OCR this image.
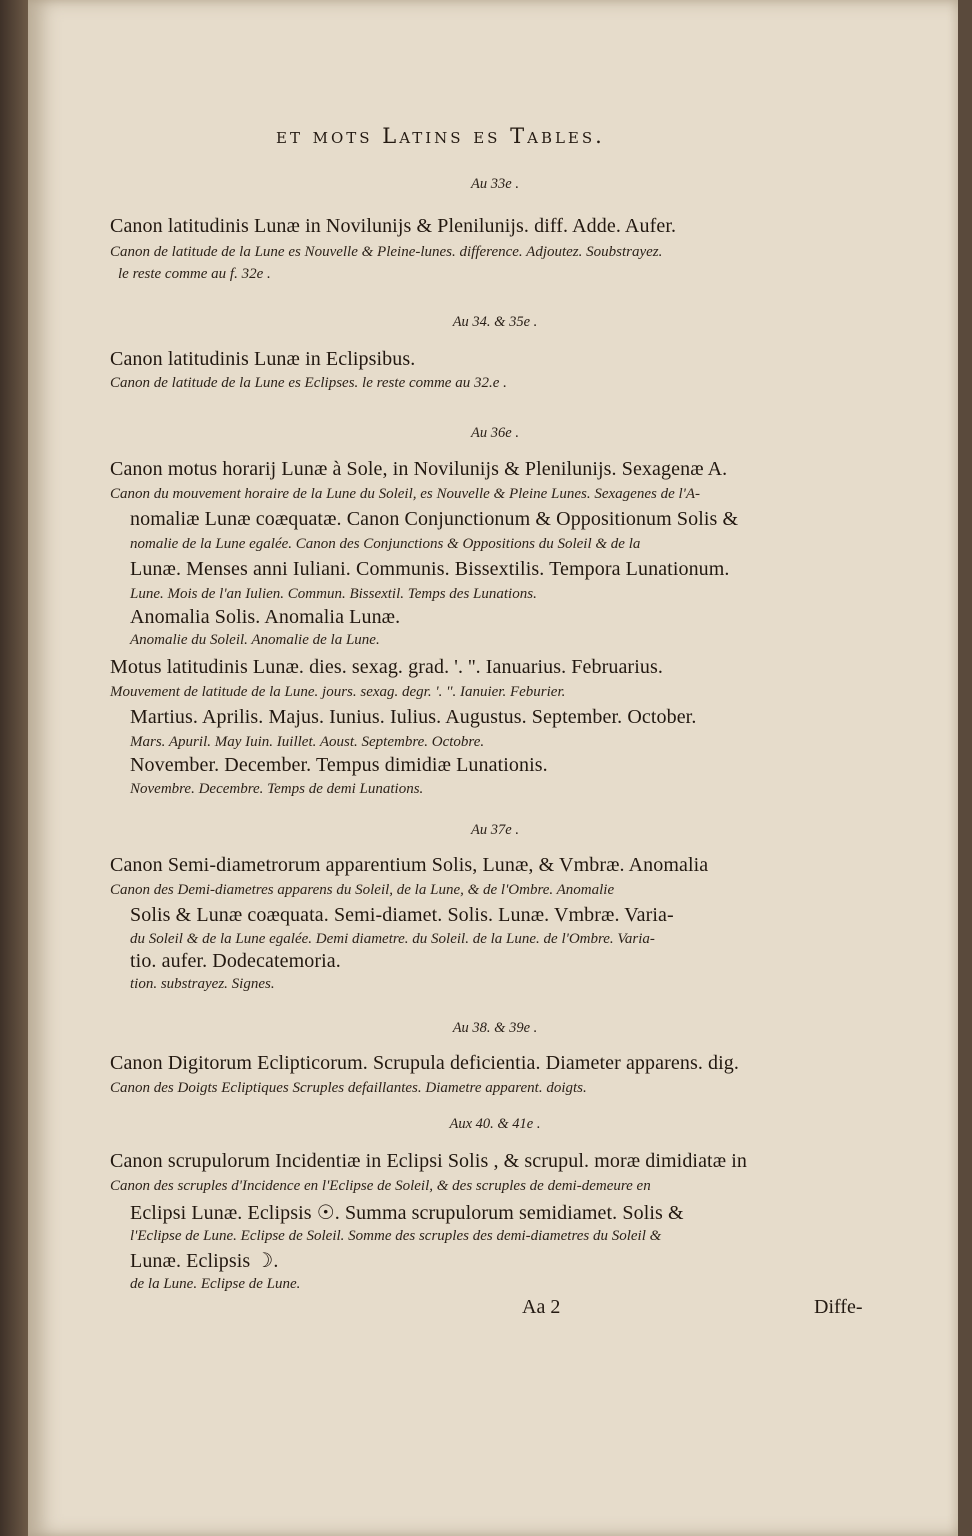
et mots Latins es Tables.
Au 33e .
Canon latitudinis Lunæ in Novilunijs & Plenilunijs. diff. Adde. Aufer.
Canon de latitude de la Lune es Nouvelle & Pleine-lunes. difference. Adjoutez. Soubstrayez.
le reste comme au f. 32e .
Au 34. & 35e .
Canon latitudinis Lunæ in Eclipsibus.
Canon de latitude de la Lune es Eclipses. le reste comme au 32.e .
Au 36e .
Canon motus horarij Lunæ à Sole, in Novilunijs & Plenilunijs. Sexagenæ A.
Canon du mouvement horaire de la Lune du Soleil, es Nouvelle & Pleine Lunes. Sexagenes de l'A-
nomaliæ Lunæ coæquatæ. Canon Conjunctionum & Oppositionum Solis &
nomalie de la Lune egalée. Canon des Conjunctions & Oppositions du Soleil & de la
Lunæ. Menses anni Iuliani. Communis. Bissextilis. Tempora Lunationum.
Lune. Mois de l'an Iulien. Commun. Bissextil. Temps des Lunations.
Anomalia Solis. Anomalia Lunæ.
Anomalie du Soleil. Anomalie de la Lune.
Motus latitudinis Lunæ. dies. sexag. grad. '. ''. Ianuarius. Februarius.
Mouvement de latitude de la Lune. jours. sexag. degr. '. ''. Ianuier. Feburier.
Martius. Aprilis. Majus. Iunius. Iulius. Augustus. September. October.
Mars. Apuril. May Iuin. Iuillet. Aoust. Septembre. Octobre.
November. December. Tempus dimidiæ Lunationis.
Novembre. Decembre. Temps de demi Lunations.
Au 37e .
Canon Semi-diametrorum apparentium Solis, Lunæ, & Vmbræ. Anomalia
Canon des Demi-diametres apparens du Soleil, de la Lune, & de l'Ombre. Anomalie
Solis & Lunæ coæquata. Semi-diamet. Solis. Lunæ. Vmbræ. Varia-
du Soleil & de la Lune egalée. Demi diametre. du Soleil. de la Lune. de l'Ombre. Varia-
tio. aufer. Dodecatemoria.
tion. substrayez. Signes.
Au 38. & 39e .
Canon Digitorum Eclipticorum. Scrupula deficientia. Diameter apparens. dig.
Canon des Doigts Ecliptiques Scruples defaillantes. Diametre apparent. doigts.
Aux 40. & 41e .
Canon scrupulorum Incidentiæ in Eclipsi Solis , & scrupul. moræ dimidiatæ in
Canon des scruples d'Incidence en l'Eclipse de Soleil, & des scruples de demi-demeure en
Eclipsi Lunæ. Eclipsis ☉. Summa scrupulorum semidiamet. Solis &
l'Eclipse de Lune. Eclipse de Soleil. Somme des scruples des demi-diametres du Soleil &
Lunæ. Eclipsis ☽.
de la Lune. Eclipse de Lune.
Aa 2	Diffe-
